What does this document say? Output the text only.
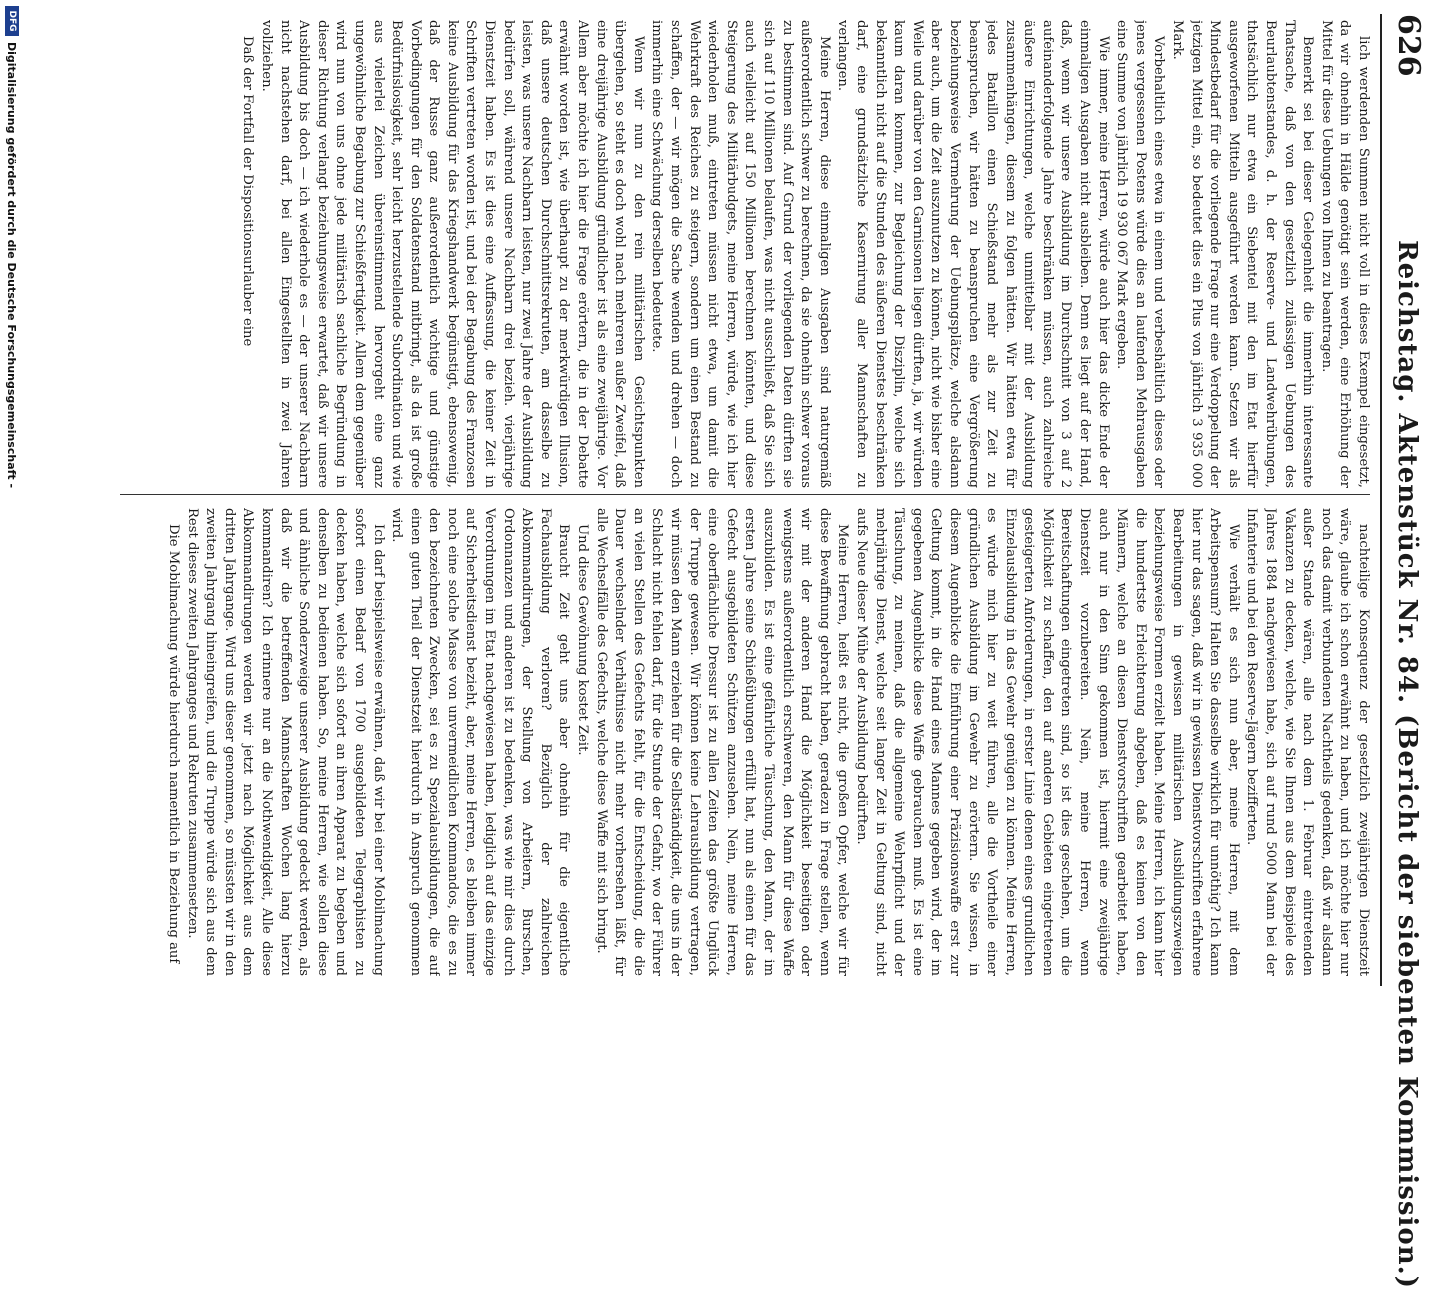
626
Reichstag. Aktenstück Nr. 84. (Bericht der siebenten Kommission.)

lich werdenden Summen nicht voll in dieses Exempel eingesetzt, da wir ohnehin in Hälde genötigt sein werden, eine Erhöhung der Mittel für diese Uebungen von Ihnen zu beantragen.

Bemerkt sei bei dieser Gelegenheit die immerhin interessante Thatsache, daß von den gesetzlich zulässigen Uebungen des Beurlaubtenstandes, d. h. der Reserve- und Landwehrübungen, thatsächlich nur etwa ein Siebentel mit den im Etat hierfür ausgeworfenen Mitteln ausgeführt werden kann. Setzen wir als Mindestbedarf für die vorliegende Frage nur eine Verdoppelung der jetzigen Mittel ein, so bedeutet dies ein Plus von jährlich 3 935 000 Mark.

Vorbehaltlich eines etwa in einem und verbeshältlich dieses oder jenes vergessenen Postens würde dies an laufenden Mehrausgaben eine Summe von jährlich 19 930 067 Mark ergeben.

Wie immer, meine Herren, würde auch hier das dicke Ende der einmaligen Ausgaben nicht ausbleiben. Denn es liegt auf der Hand, daß, wenn wir unsere Ausbildung im Durchschnitt von 3 auf 2 aufeinanderfolgende Jahre beschränken müssen, auch zahlreiche äußere Einrichtungen, welche unmittelbar mit der Ausbildung zusammenhängen, diesem zu folgen hätten. Wir hätten etwa für jedes Bataillon einen Schießstand mehr als zur Zeit zu beanspruchen, wir hätten zu beanspruchen eine Vergrößerung beziehungsweise Vermehrung der Uebungsplätze, welche alsdann aber auch, um die Zeit auszunutzen zu können, nicht wie bisher eine Weile und darüber von den Garnisonen liegen dürften, ja, wir würden kaum daran kommen, zur Begleichung der Disziplin, welche sich bekanntlich nicht auf die Stunden des äußeren Dienstes beschränken darf, eine grundsätzliche Kasernirung aller Mannschaften zu verlangen.

Meine Herren, diese einmaligen Ausgaben sind naturgemäß außerordentlich schwer zu berechnen, da sie ohnehin schwer voraus zu bestimmen sind. Auf Grund der vorliegenden Daten dürften sie sich auf 110 Millionen belaufen, was nicht ausschließt, daß Sie sich auch vielleicht auf 150 Millionen berechnen könnten, und diese Steigerung des Militärbudgets, meine Herren, würde, wie ich hier wiederholen muß, eintreten müssen nicht etwa, um damit die Wehrkraft des Reiches zu steigern, sondern um einen Bestand zu schaffen, der — wir mögen die Sache wenden und drehen — doch immerhin eine Schwächung derselben bedeutete.

Wenn wir nun zu den rein militärischen Gesichtspunkten übergehen, so steht es doch wohl nach mehreren außer Zweifel, daß eine dreijährige Ausbildung gründlicher ist als eine zweijährige. Vor Allem aber möchte ich hier die Frage erörtern, die in der Debatte erwähnt worden ist, wie überhaupt zu der merkwürdigen Illusion, daß unsere deutschen Durchschnittsrekruten, am dasselbe zu leisten, was unsere Nachbarn leisten, nur zwei Jahre der Ausbildung bedürfen soll, während unsere Nachbarn drei bezieh. vierjährige Dienstzeit haben. Es ist dies eine Auffassung, die keiner Zeit in Schriften vertreten worden ist, und bei der Begabung des Franzosen keine Ausbildung für das Kriegshandwerk begünstigt, ebensowenig, daß der Russe ganz außerordentlich wichtige und günstige Vorbedingungen für den Soldatenstand mitbringt, als da ist große Bedürfnislosigkeit, sehr leicht herzustellende Subordination und wie aus vielerlei Zeichen übereinstimmend hervorgeht eine ganz ungewöhnliche Begabung zur Schießfertigkeit. Allem dem gegenüber wird nun von uns ohne jede militärisch sachliche Begründung in dieser Richtung verlangt beziehungsweise erwartet, daß wir unsere Ausbildung bis doch — ich wiederhole es — der unserer Nachbarn nicht nachstehen darf, bei allen Eingestellten in zwei Jahren vollziehen.

Daß der Fortfall der Dispositionsurlauber eine

nachteilige Konsequenz der gesetzlich zweijährigen Dienstzeit wäre, glaube ich schon erwähnt zu haben, und ich möchte hier nur noch das damit verbundenen Nachtheils gedenken, daß wir alsdann außer Stande wären, alle nach dem 1. Februar eintretenden Vakanzen zu decken, welche, wie Sie Ihnen aus dem Beispiele des Jahres 1884 nachgewiesen habe, sich auf rund 5000 Mann bei der Infanterie und bei den Reserve-Jägern bezifferten.

Wie verhält es sich nun aber, meine Herren, mit dem Arbeitspensum? Halten Sie dasselbe wirklich für unnöthig? Ich kann hier nur das sagen, daß wir in gewissen Dienstvorschriften erfahrene Bearbeitungen in gewissen militärischen Ausbildungszweigen beziehungsweise Formen erzielt haben. Meine Herren, ich kann hier die hundertste Erleichterung abgeben, daß es keinen von den Männern, welche an diesen Dienstvorschriften gearbeitet haben, auch nur in den Sinn gekommen ist, hiermit eine zweijährige Dienstzeit vorzubereiten. Nein, meine Herren, wenn Bereitschaftungen eingetreten sind, so ist dies geschehen, um die Möglichkeit zu schaffen, den auf anderen Gebieten eingetretenen gesteigerten Anforderungen, in erster Linie denen eines grundlichen Einzelausbildung in das Gewehr genügen zu können. Meine Herren, es würde mich hier zu weit führen, alle die Vortheile einer gründlichen Ausbildung im Gewehr zu erörtern. Sie wissen, in diesem Augenblicke die Einführung einer Präzisionswaffe erst zur Geltung kommt, in die Hand eines Mannes gegeben wird, der im gegebenen Augenblicke diese Waffe gebrauchen muß. Es ist eine Täuschung, zu meinen, daß die allgemeine Wehrpflicht und der mehrjährige Dienst, welche seit langer Zeit in Geltung sind, nicht aufs Neue dieser Mühe der Ausbildung bedürften.

Meine Herren, heißt es nicht, die großen Opfer, welche wir für diese Bewaffnung gebracht haben, geradezu in Frage stellen, wenn wir mit der anderen Hand die Möglichkeit beseitigen oder wenigstens außerordentlich erschweren, den Mann für diese Waffe auszubilden. Es ist eine gefährliche Täuschung, den Mann, der im ersten Jahre seine Schießübungen erfüllt hat, nun als einen für das Gefecht ausgebildeten Schützen anzusehen. Nein, meine Herren, eine oberflächliche Dressur ist zu allen Zeiten das größte Unglück der Truppe gewesen. Wir können keine Lehrausbildung vertragen, wir müssen den Mann erziehen für die Selbständigkeit, die uns in der Schlacht nicht fehlen darf, für die Stunde der Gefahr, wo der Führer an vielen Stellen des Gefechts fehlt, für die Entscheidung, die die Dauer wechselnder Verhältnisse nicht mehr vorhersehen läßt, für alle Wechselfälle des Gefechts, welche diese Waffe mit sich bringt.

Und diese Gewöhnung kostet Zeit.

Braucht Zeit geht uns aber ohnehin für die eigentliche Fachausbildung verloren? Bezüglich der zahlreichen Abkommandirungen, der Stellung von Arbeitern, Burschen, Ordonnanzen und anderen ist zu bedenken, was wie mir dies durch Verordnungen im Etat nachgewiesen haben, lediglich auf das einzige auf Sicherheitsdienst bezieht, aber, meine Herren, es bleiben immer noch eine solche Masse von unvermeidlichen Kommandos, die es zu den bezeichneten Zwecken, sei es zu Spezialausbildungen, die auf einen guten Theil der Dienstzeit hierdurch in Anspruch genommen wird.

Ich darf beispielsweise erwähnen, daß wir bei einer Mobilmachung sofort einen Bedarf von 1700 ausgebildeten Telegraphisten zu decken haben, welche sich sofort an ihren Apparat zu begeben und denselben zu bedienen haben. So, meine Herren, wie sollen diese und ähnliche Sonderzweige unserer Ausbildung gedeckt werden, als daß wir die betreffenden Mannschaften Wochen lang hierzu kommandiren? Ich erinnere nur an die Nothwendigkeit, Alle diese Abkommandirungen werden wir jetzt nach Möglichkeit aus dem dritten Jahrgange. Wird uns dieser genommen, so müssten wir in den zweiten Jahrgang hineingreifen, und die Truppe würde sich aus dem Rest dieses zweiten Jahrganges und Rekruten zusammensetzen.

Die Mobilmachung würde hierdurch namentlich in Beziehung auf

DFG
Digitalisierung gefördert durch die Deutsche Forschungsgemeinschaft -
